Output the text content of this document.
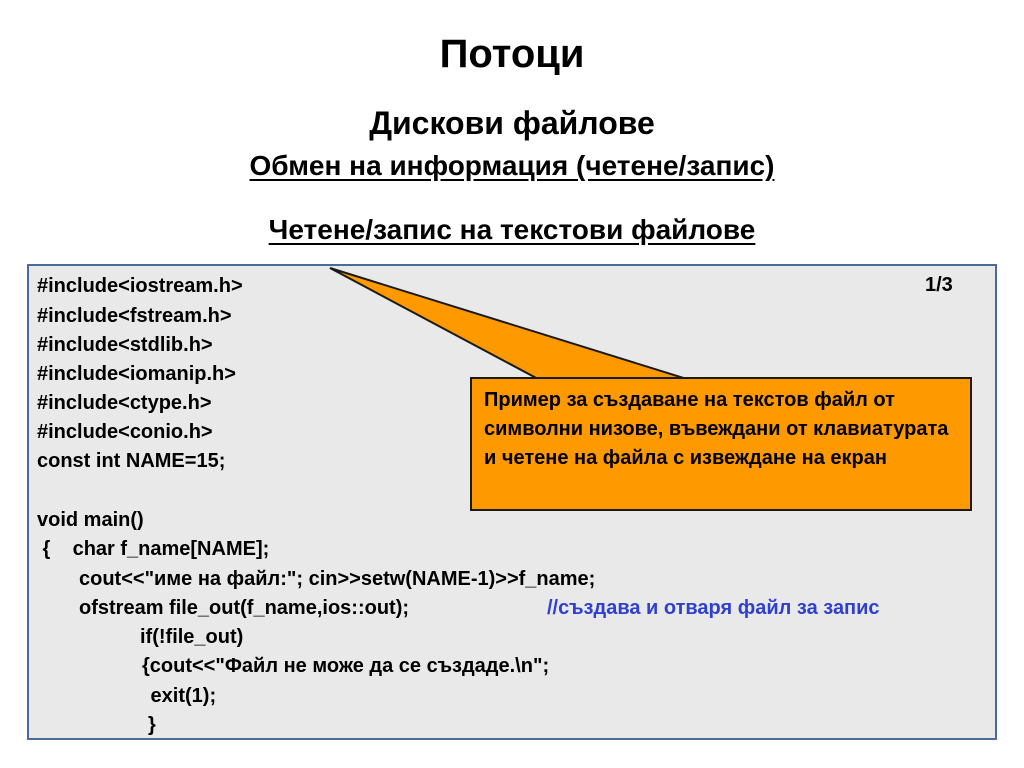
Потоци
Дискови файлове
Обмен на информация (четене/запис)
Четене/запис на текстови файлове
#include<iostream.h>
#include<fstream.h>
#include<stdlib.h>
#include<iomanip.h>
#include<ctype.h>
#include<conio.h>
const int NAME=15;
void main()
{    char f_name[NAME];
cout<<"име на файл:"; cin>>setw(NAME-1)>>f_name;
ofstream file_out(f_name,ios::out);	//създава и отваря файл за запис
if(!file_out)
{cout<<"Файл не може да се създаде.\n";
exit(1);
}
1/3
Пример за създаване на текстов файл от символни низове, въвеждани от клавиатурата и четене на файла с извеждане на екран
